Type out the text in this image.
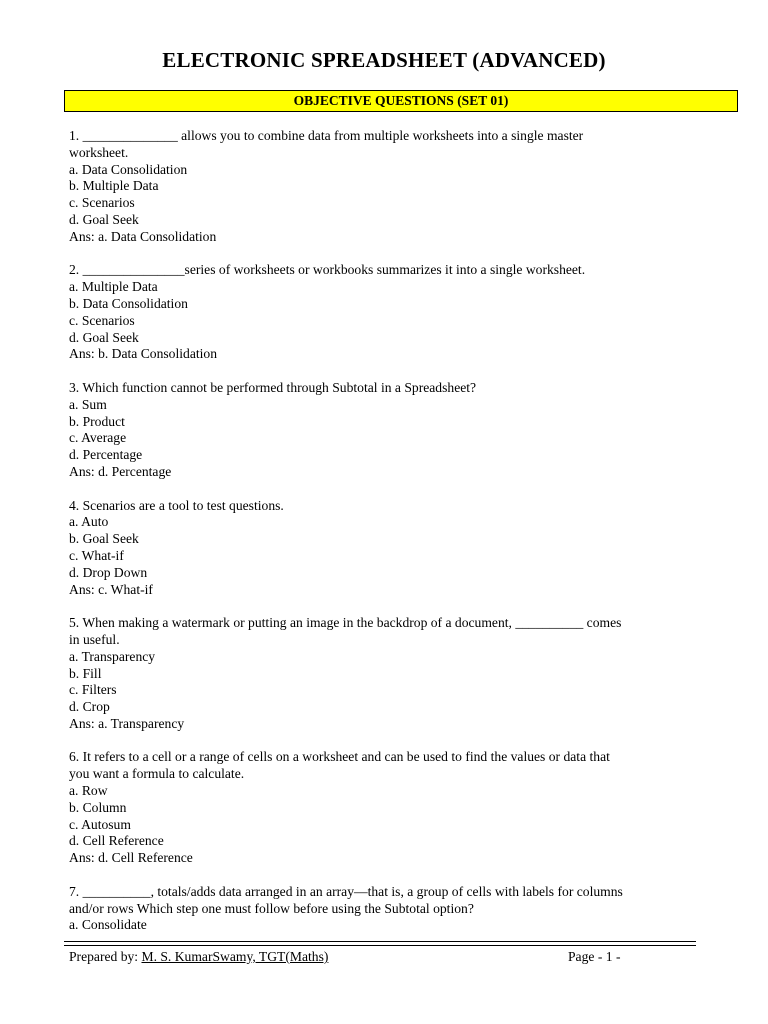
ELECTRONIC SPREADSHEET (ADVANCED)
OBJECTIVE QUESTIONS (SET 01)

1. ______________ allows you to combine data from multiple worksheets into a single master

worksheet.

a. Data Consolidation

b. Multiple Data

c. Scenarios

d. Goal Seek

Ans: a. Data Consolidation

2. _______________series of worksheets or workbooks summarizes it into a single worksheet.

a. Multiple Data

b. Data Consolidation

c. Scenarios

d. Goal Seek

Ans: b. Data Consolidation

3. Which function cannot be performed through Subtotal in a Spreadsheet?

a. Sum

b. Product

c. Average

d. Percentage

Ans: d. Percentage

4. Scenarios are a tool to test questions.

a. Auto

b. Goal Seek

c. What-if

d. Drop Down

Ans: c. What-if

5. When making a watermark or putting an image in the backdrop of a document, __________ comes

in useful.

a. Transparency

b. Fill

c. Filters

d. Crop

Ans: a. Transparency

6. It refers to a cell or a range of cells on a worksheet and can be used to find the values or data that

you want a formula to calculate.

a. Row

b. Column

c. Autosum

d. Cell Reference

Ans: d. Cell Reference

7. __________, totals/adds data arranged in an array—that is, a group of cells with labels for columns

and/or rows Which step one must follow before using the Subtotal option?

a. Consolidate

Prepared by: M. S. KumarSwamy, TGT(Maths)	Page - 1 -
